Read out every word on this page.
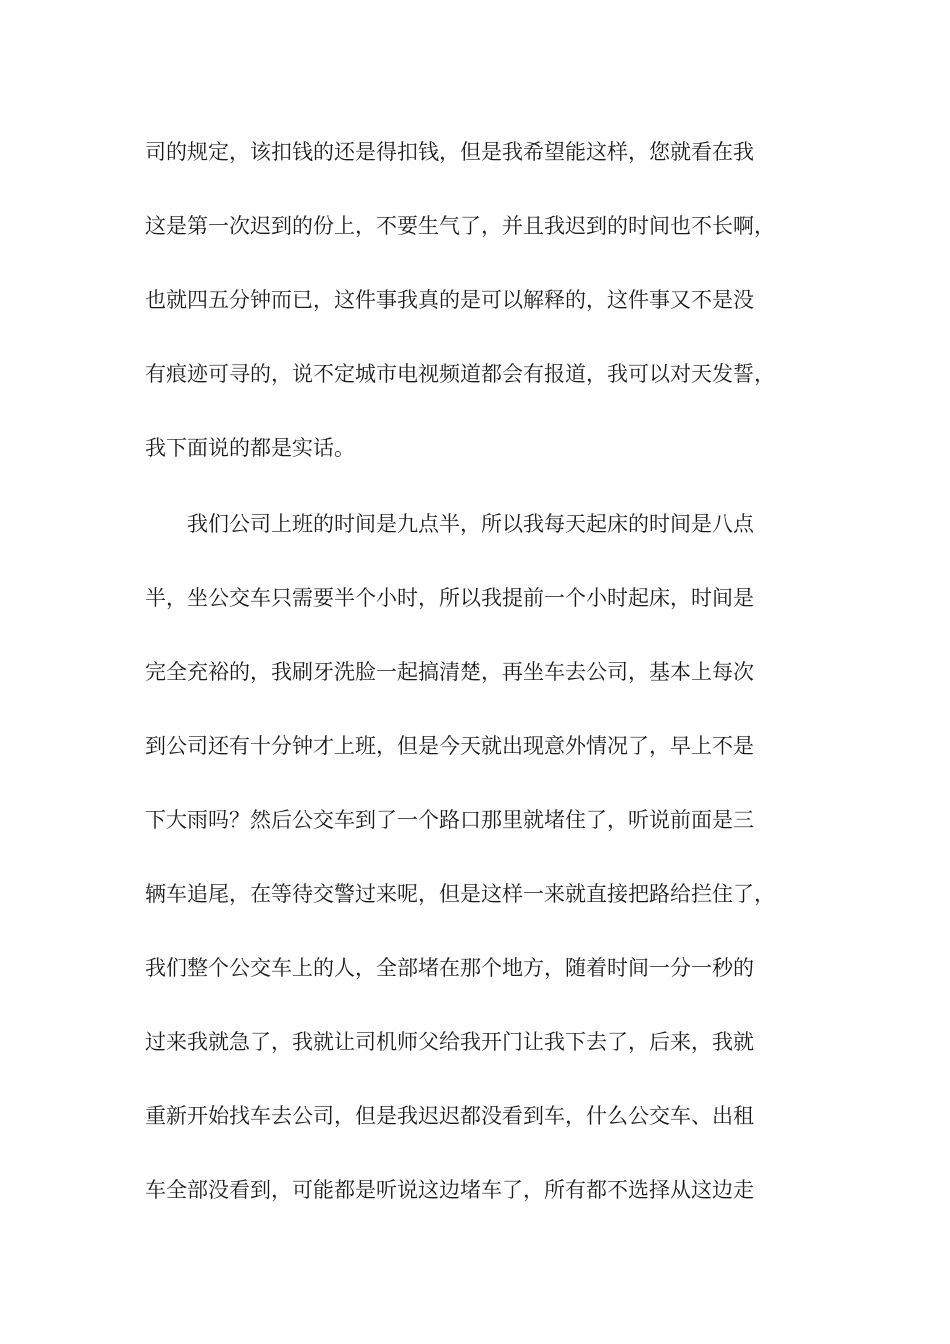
司的规定，该扣钱的还是得扣钱，但是我希望能这样，您就看在我
这是第一次迟到的份上，不要生气了，并且我迟到的时间也不长啊，
也就四五分钟而已，这件事我真的是可以解释的，这件事又不是没
有痕迹可寻的，说不定城市电视频道都会有报道，我可以对天发誓，
我下面说的都是实话。
我们公司上班的时间是九点半，所以我每天起床的时间是八点
半，坐公交车只需要半个小时，所以我提前一个小时起床，时间是
完全充裕的，我刷牙洗脸一起搞清楚，再坐车去公司，基本上每次
到公司还有十分钟才上班，但是今天就出现意外情况了，早上不是
下大雨吗？然后公交车到了一个路口那里就堵住了，听说前面是三
辆车追尾，在等待交警过来呢，但是这样一来就直接把路给拦住了，
我们整个公交车上的人，全部堵在那个地方，随着时间一分一秒的
过来我就急了，我就让司机师父给我开门让我下去了，后来，我就
重新开始找车去公司，但是我迟迟都没看到车，什么公交车、出租
车全部没看到，可能都是听说这边堵车了，所有都不选择从这边走
